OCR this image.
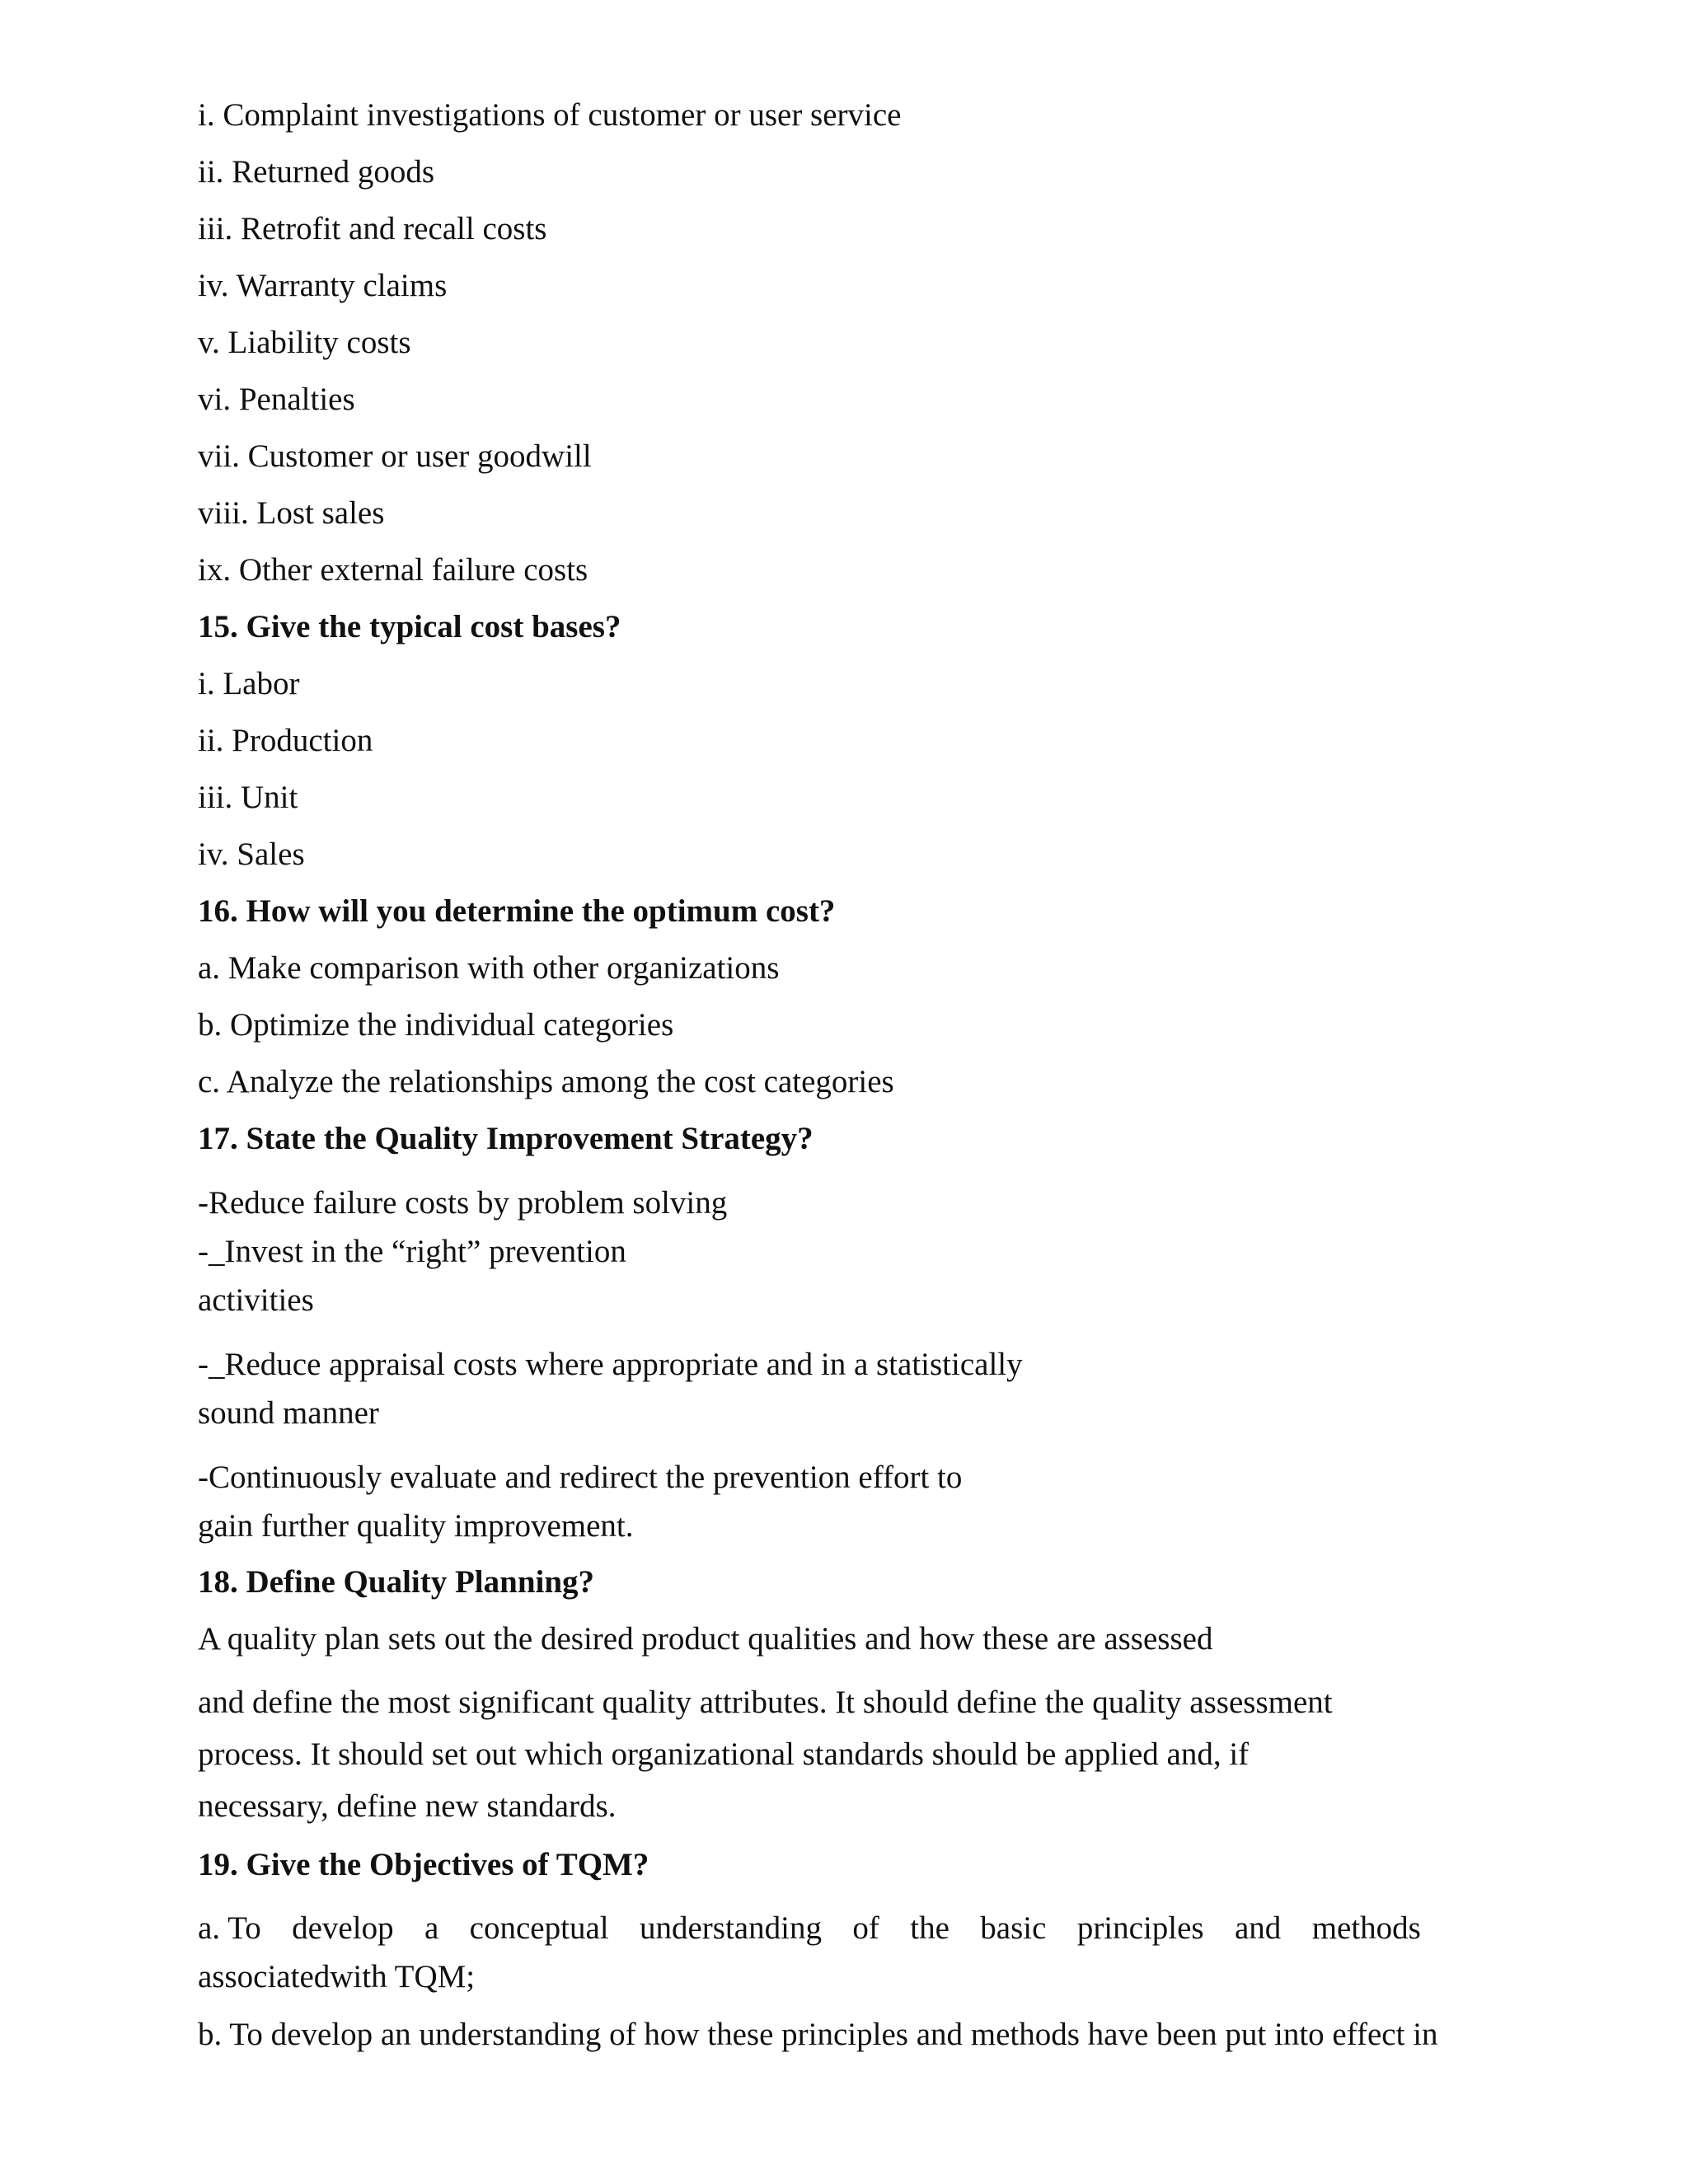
i. Complaint investigations of customer or user service
ii. Returned goods
iii. Retrofit and recall costs
iv. Warranty claims
v. Liability costs
vi. Penalties
vii. Customer or user goodwill
viii. Lost sales
ix. Other external failure costs
15. Give the typical cost bases?
i. Labor
ii. Production
iii. Unit
iv. Sales
16. How will you determine the optimum cost?
a. Make comparison with other organizations
b. Optimize the individual categories
c. Analyze the relationships among the cost categories
17. State the Quality Improvement Strategy?
-Reduce failure costs by problem solving
-_Invest in the “right” prevention
activities
-_Reduce appraisal costs where appropriate and in a statistically
sound manner
-Continuously evaluate and redirect the prevention effort to
gain further quality improvement.
18. Define Quality Planning?
A quality plan sets out the desired product qualities and how these are assessed
and define the most significant quality attributes. It should define the quality assessment
process. It should set out which organizational standards should be applied and, if
necessary, define new standards.
19. Give the Objectives of TQM?
a. To develop a conceptual understanding of the basic principles and methods
associatedwith TQM;
b. To develop an understanding of how these principles and methods have been put into effect in
